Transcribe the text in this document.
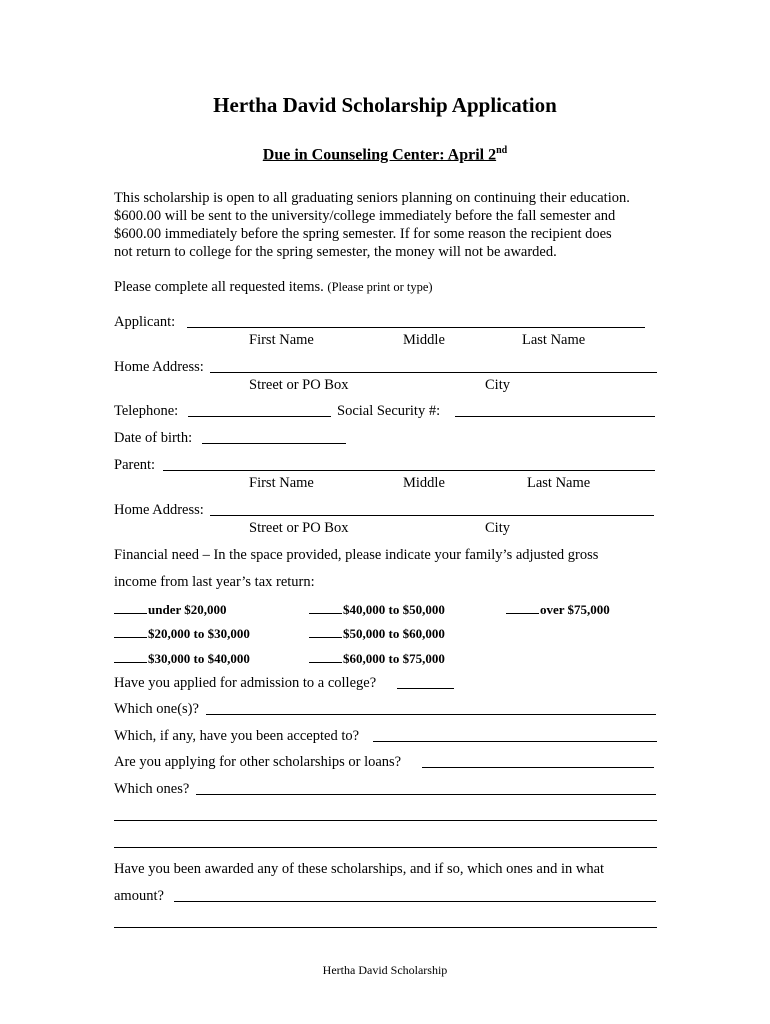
Hertha David Scholarship Application
Due in Counseling Center: April 2nd
This scholarship is open to all graduating seniors planning on continuing their education.
$600.00 will be sent to the university/college immediately before the fall semester and
$600.00 immediately before the spring semester. If for some reason the recipient does
not return to college for the spring semester, the money will not be awarded.
Please complete all requested items. (Please print or type)
Applicant:
First Name	Middle	Last Name
Home Address:
Street or PO Box	City
Telephone:	Social Security #:
Date of birth:
Parent:
First Name	Middle	Last Name
Home Address:
Street or PO Box	City
Financial need – In the space provided, please indicate your family’s adjusted gross
income from last year’s tax return:
under $20,000	$40,000 to $50,000	over $75,000
$20,000 to $30,000	$50,000 to $60,000
$30,000 to $40,000	$60,000 to $75,000
Have you applied for admission to a college?
Which one(s)?
Which, if any, have you been accepted to?
Are you applying for other scholarships or loans?
Which ones?
Have you been awarded any of these scholarships, and if so, which ones and in what
amount?
Hertha David Scholarship
